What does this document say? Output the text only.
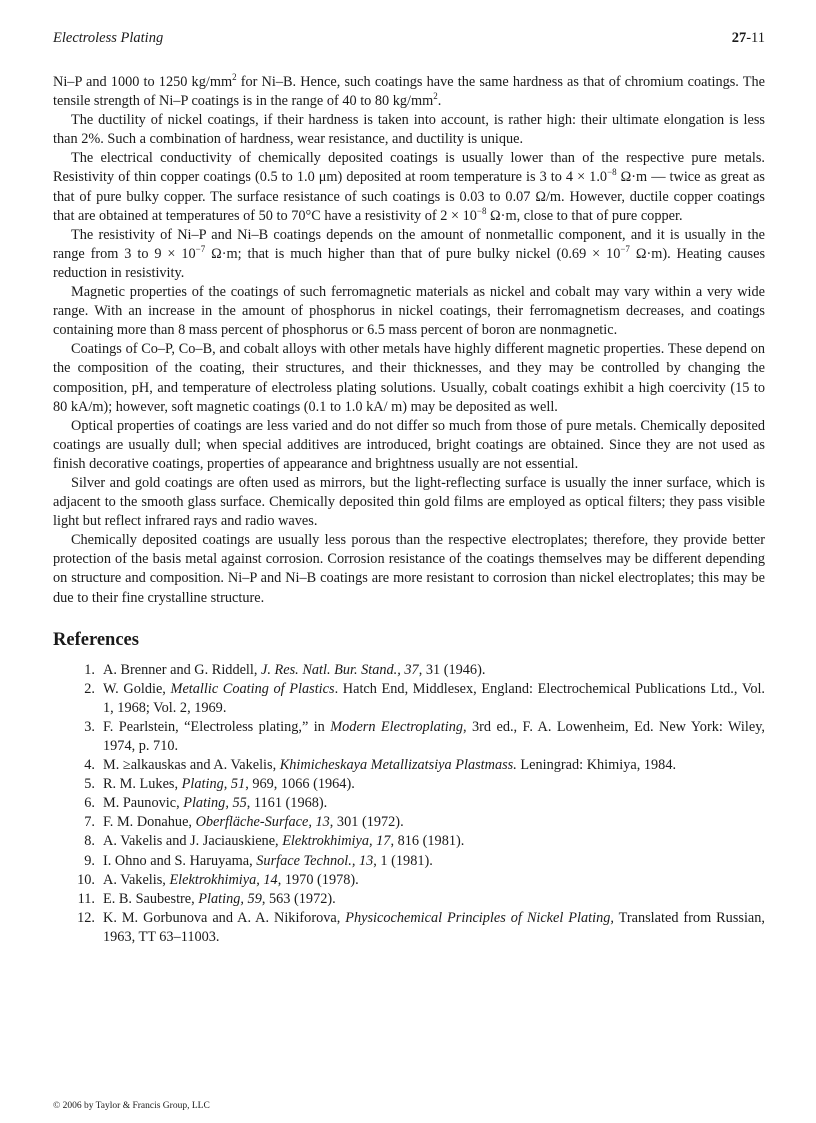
Electroless Plating	27-11

Ni–P and 1000 to 1250 $kg/mm^2$ for Ni–B. Hence, such coatings have the same hardness as that of chromium coatings. The tensile strength of Ni–P coatings is in the range of 40 to 80 $kg/mm^2$.

The ductility of nickel coatings, if their hardness is taken into account, is rather high: their ultimate elongation is less than 2%. Such a combination of hardness, wear resistance, and ductility is unique.

The electrical conductivity of chemically deposited coatings is usually lower than of the respective pure metals. Resistivity of thin copper coatings (0.5 to 1.0 μm) deposited at room temperature is 3 to $4 \times 1.0^{-8}$ Ω·m — twice as great as that of pure bulky copper. The surface resistance of such coatings is 0.03 to 0.07 Ω/m. However, ductile copper coatings that are obtained at temperatures of 50 to 70°C have a resistivity of $2 \times 10^{-8}$ Ω·m, close to that of pure copper.

The resistivity of Ni–P and Ni–B coatings depends on the amount of nonmetallic component, and it is usually in the range from 3 to $9 \times 10^{-7}$ Ω·m; that is much higher than that of pure bulky nickel ($0.69 \times 10^{-7}$ Ω·m). Heating causes reduction in resistivity.

Magnetic properties of the coatings of such ferromagnetic materials as nickel and cobalt may vary within a very wide range. With an increase in the amount of phosphorus in nickel coatings, their ferromagnetism decreases, and coatings containing more than 8 mass percent of phosphorus or 6.5 mass percent of boron are nonmagnetic.

Coatings of Co–P, Co–B, and cobalt alloys with other metals have highly different magnetic properties. These depend on the composition of the coating, their structures, and their thicknesses, and they may be controlled by changing the composition, pH, and temperature of electroless plating solutions. Usually, cobalt coatings exhibit a high coercivity (15 to 80 kA/m); however, soft magnetic coatings (0.1 to 1.0 kA/ m) may be deposited as well.

Optical properties of coatings are less varied and do not differ so much from those of pure metals. Chemically deposited coatings are usually dull; when special additives are introduced, bright coatings are obtained. Since they are not used as finish decorative coatings, properties of appearance and brightness usually are not essential.

Silver and gold coatings are often used as mirrors, but the light-reflecting surface is usually the inner surface, which is adjacent to the smooth glass surface. Chemically deposited thin gold films are employed as optical filters; they pass visible light but reflect infrared rays and radio waves.

Chemically deposited coatings are usually less porous than the respective electroplates; therefore, they provide better protection of the basis metal against corrosion. Corrosion resistance of the coatings themselves may be different depending on structure and composition. Ni–P and Ni–B coatings are more resistant to corrosion than nickel electroplates; this may be due to their fine crystalline structure.

References
1. A. Brenner and G. Riddell, J. Res. Natl. Bur. Stand., 37, 31 (1946).
2. W. Goldie, Metallic Coating of Plastics. Hatch End, Middlesex, England: Electrochemical Publications Ltd., Vol. 1, 1968; Vol. 2, 1969.
3. F. Pearlstein, “Electroless plating,” in Modern Electroplating, 3rd ed., F. A. Lowenheim, Ed. New York: Wiley, 1974, p. 710.
4. M. ≥alkauskas and A. Vakelis, Khimicheskaya Metallizatsiya Plastmass. Leningrad: Khimiya, 1984.
5. R. M. Lukes, Plating, 51, 969, 1066 (1964).
6. M. Paunovic, Plating, 55, 1161 (1968).
7. F. M. Donahue, Oberfläche-Surface, 13, 301 (1972).
8. A. Vakelis and J. Jaciauskiene, Elektrokhimiya, 17, 816 (1981).
9. I. Ohno and S. Haruyama, Surface Technol., 13, 1 (1981).
10. A. Vakelis, Elektrokhimiya, 14, 1970 (1978).
11. E. B. Saubestre, Plating, 59, 563 (1972).
12. K. M. Gorbunova and A. A. Nikiforova, Physicochemical Principles of Nickel Plating, Translated from Russian, 1963, TT 63–11003.
© 2006 by Taylor & Francis Group, LLC
